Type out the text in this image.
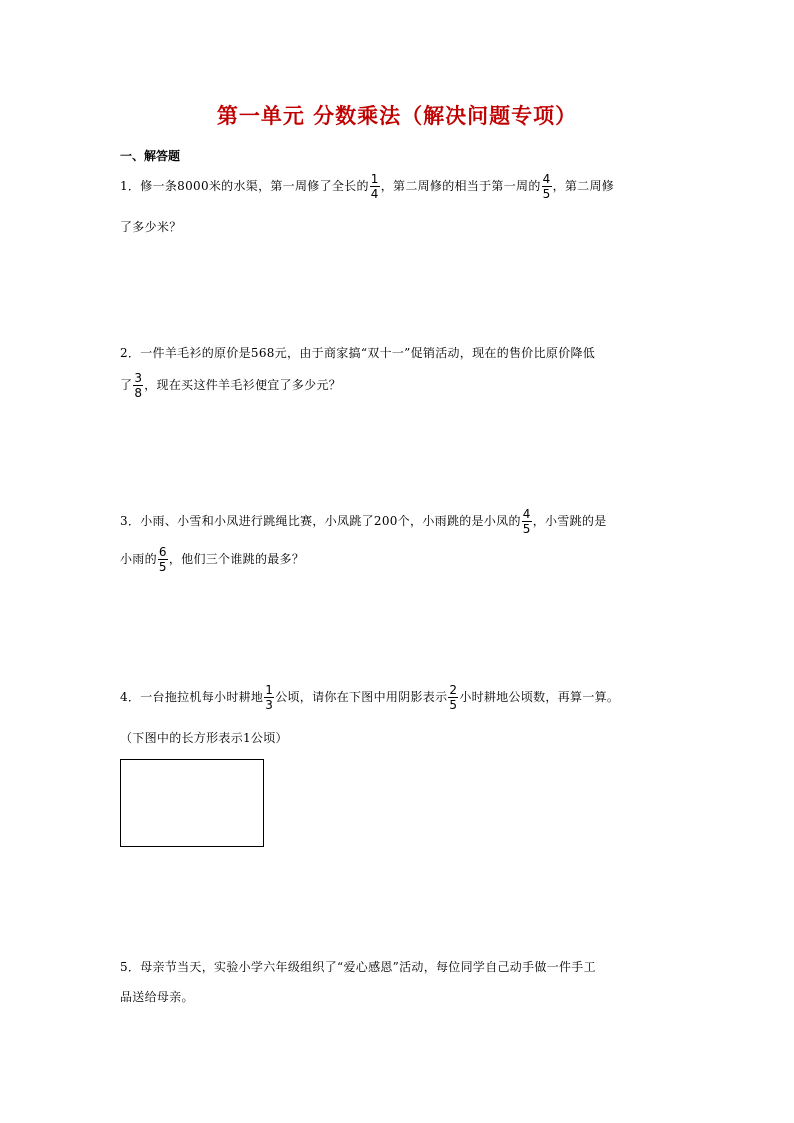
第一单元 分数乘法（解决问题专项）
一、解答题
1．修一条8000米的水渠，第一周修了全长的 $\frac{1}{4}$ ，第二周修的相当于第一周的 $\frac{4}{5}$ ，第二周修
了多少米？
2．一件羊毛衫的原价是568元，由于商家搞“双十一”促销活动，现在的售价比原价降低
了 $\frac{3}{8}$ ，现在买这件羊毛衫便宜了多少元？
3．小雨、小雪和小凤进行跳绳比赛，小凤跳了200个，小雨跳的是小凤的 $\frac{4}{5}$ ，小雪跳的是
小雨的 $\frac{6}{5}$ ，他们三个谁跳的最多？
4．一台拖拉机每小时耕地 $\frac{1}{3}$ 公顷，请你在下图中用阴影表示 $\frac{2}{5}$ 小时耕地公顷数，再算一算。
（下图中的长方形表示1公顷）
5．母亲节当天，实验小学六年级组织了“爱心感恩”活动，每位同学自己动手做一件手工
品送给母亲。
